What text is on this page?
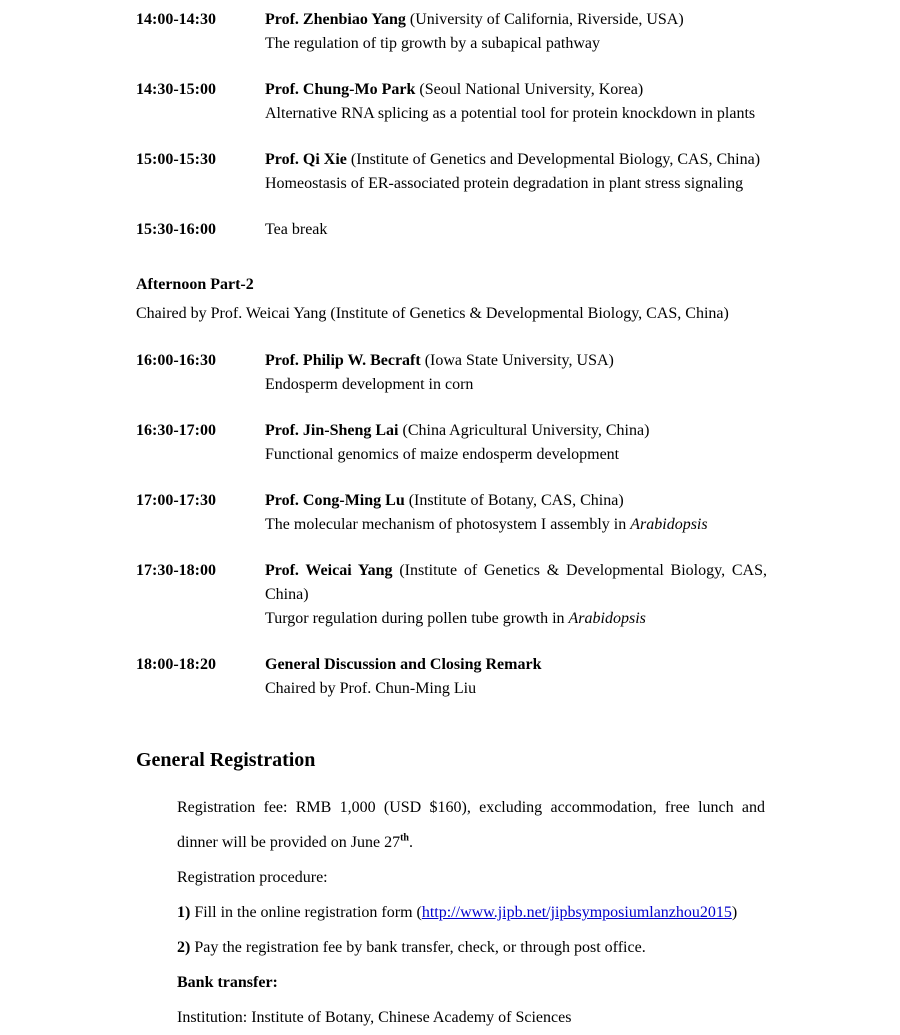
14:00-14:30	Prof. Zhenbiao Yang (University of California, Riverside, USA)
The regulation of tip growth by a subapical pathway
14:30-15:00	Prof. Chung-Mo Park (Seoul National University, Korea)
Alternative RNA splicing as a potential tool for protein knockdown in plants
15:00-15:30	Prof. Qi Xie (Institute of Genetics and Developmental Biology, CAS, China)
Homeostasis of ER-associated protein degradation in plant stress signaling
15:30-16:00	Tea break
Afternoon Part-2
Chaired by Prof. Weicai Yang (Institute of Genetics & Developmental Biology, CAS, China)
16:00-16:30	Prof. Philip W. Becraft (Iowa State University, USA)
Endosperm development in corn
16:30-17:00	Prof. Jin-Sheng Lai (China Agricultural University, China)
Functional genomics of maize endosperm development
17:00-17:30	Prof. Cong-Ming Lu (Institute of Botany, CAS, China)
The molecular mechanism of photosystem I assembly in Arabidopsis
17:30-18:00	Prof. Weicai Yang (Institute of Genetics & Developmental Biology, CAS, China)
Turgor regulation during pollen tube growth in Arabidopsis
18:00-18:20	General Discussion and Closing Remark
Chaired by Prof. Chun-Ming Liu
General Registration

Registration fee: RMB 1,000 (USD $160), excluding accommodation, free lunch and dinner will be provided on June 27th.

Registration procedure:

1) Fill in the online registration form (http://www.jipb.net/jipbsymposiumlanzhou2015)

2) Pay the registration fee by bank transfer, check, or through post office.

Bank transfer:

Institution: Institute of Botany, Chinese Academy of Sciences
